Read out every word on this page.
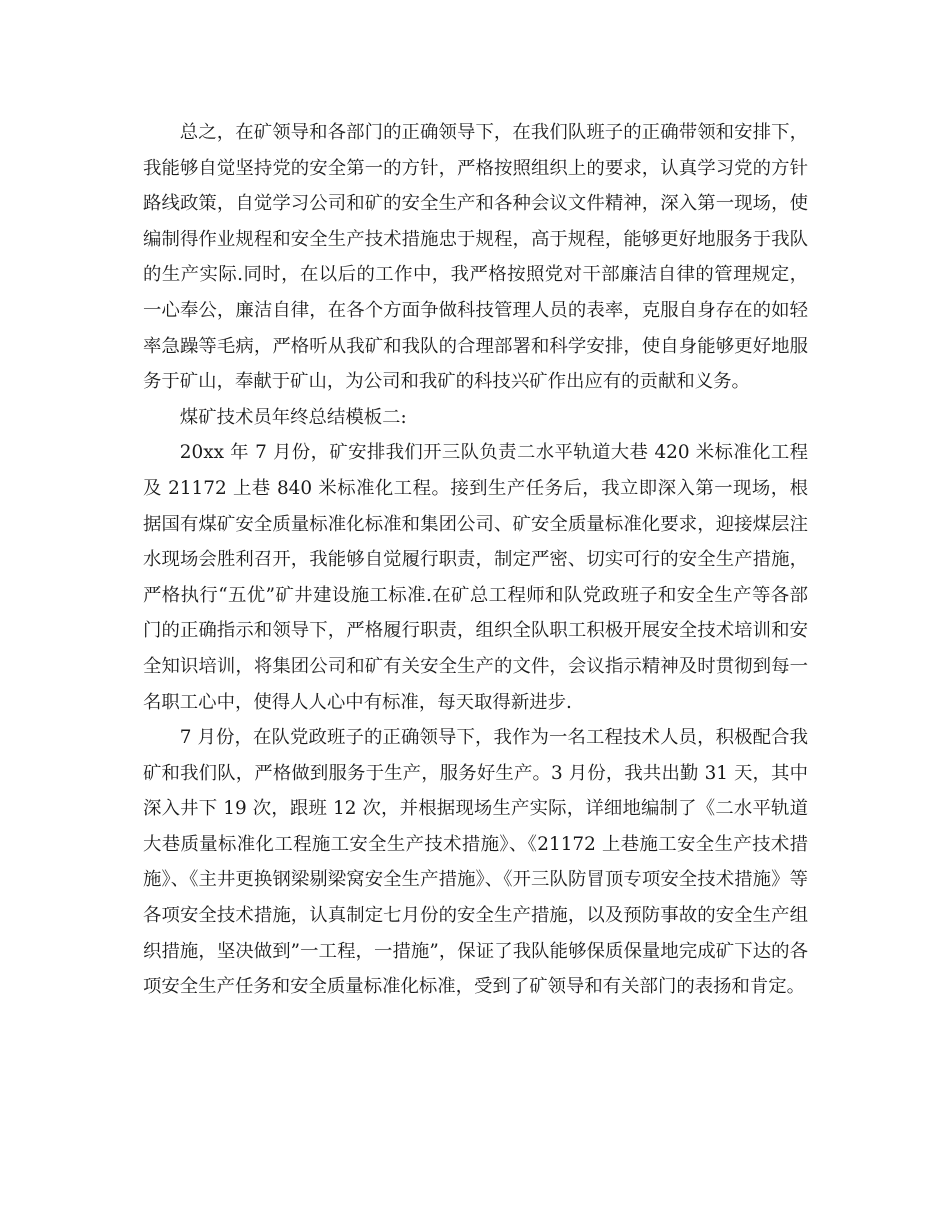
总之，在矿领导和各部门的正确领导下，在我们队班子的正确带领和安排下，我能够自觉坚持党的安全第一的方针，严格按照组织上的要求，认真学习党的方针路线政策，自觉学习公司和矿的安全生产和各种会议文件精神，深入第一现场，使编制得作业规程和安全生产技术措施忠于规程，高于规程，能够更好地服务于我队的生产实际.同时，在以后的工作中，我严格按照党对干部廉洁自律的管理规定，一心奉公，廉洁自律，在各个方面争做科技管理人员的表率，克服自身存在的如轻率急躁等毛病，严格听从我矿和我队的合理部署和科学安排，使自身能够更好地服务于矿山，奉献于矿山，为公司和我矿的科技兴矿作出应有的贡献和义务。

煤矿技术员年终总结模板二:

20xx 年 7 月份，矿安排我们开三队负责二水平轨道大巷 420 米标准化工程及 21172 上巷 840 米标准化工程。接到生产任务后，我立即深入第一现场，根据国有煤矿安全质量标准化标准和集团公司、矿安全质量标准化要求，迎接煤层注水现场会胜利召开，我能够自觉履行职责，制定严密、切实可行的安全生产措施，严格执行“五优”矿井建设施工标准.在矿总工程师和队党政班子和安全生产等各部门的正确指示和领导下，严格履行职责，组织全队职工积极开展安全技术培训和安全知识培训，将集团公司和矿有关安全生产的文件，会议指示精神及时贯彻到每一名职工心中，使得人人心中有标准，每天取得新进步.

7 月份，在队党政班子的正确领导下，我作为一名工程技术人员，积极配合我矿和我们队，严格做到服务于生产，服务好生产。3 月份，我共出勤 31 天，其中深入井下 19 次，跟班 12 次，并根据现场生产实际，详细地编制了《二水平轨道大巷质量标准化工程施工安全生产技术措施》、《21172 上巷施工安全生产技术措施》、《主井更换钢梁剔梁窝安全生产措施》、《开三队防冒顶专项安全技术措施》等各项安全技术措施，认真制定七月份的安全生产措施，以及预防事故的安全生产组织措施，坚决做到”一工程，一措施”，保证了我队能够保质保量地完成矿下达的各项安全生产任务和安全质量标准化标准，受到了矿领导和有关部门的表扬和肯定。
